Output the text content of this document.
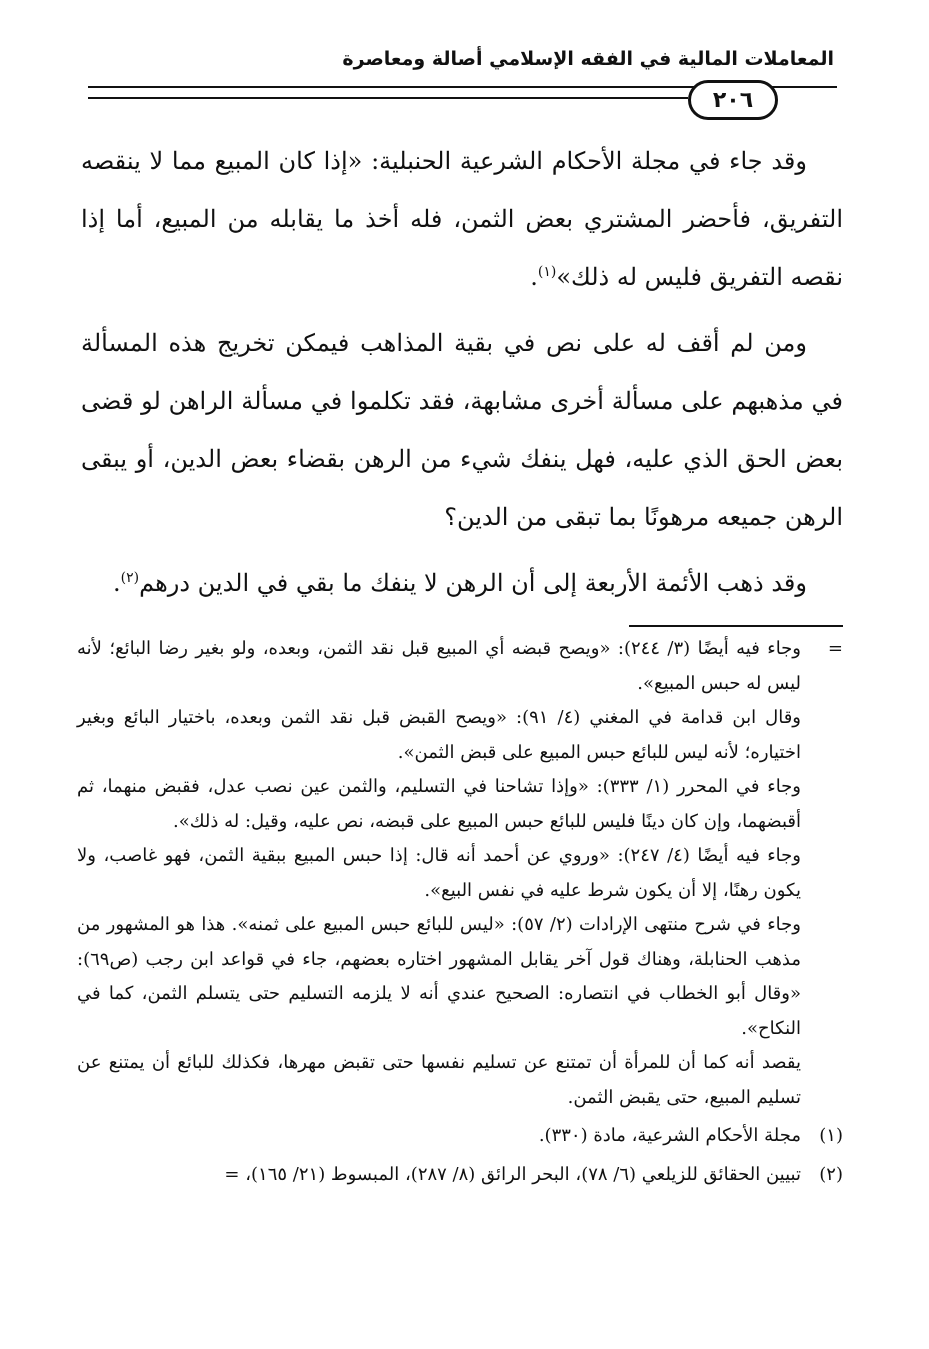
المعاملات المالية في الفقه الإسلامي أصالة ومعاصرة
٢٠٦

وقد جاء في مجلة الأحكام الشرعية الحنبلية: «إذا كان المبيع مما لا ينقصه التفريق، فأحضر المشتري بعض الثمن، فله أخذ ما يقابله من المبيع، أما إذا نقصه التفريق فليس له ذلك»$^{(١)}$.

ومن لم أقف له على نص في بقية المذاهب فيمكن تخريج هذه المسألة في مذهبهم على مسألة أخرى مشابهة، فقد تكلموا في مسألة الراهن لو قضى بعض الحق الذي عليه، فهل ينفك شيء من الرهن بقضاء بعض الدين، أو يبقى الرهن جميعه مرهونًا بما تبقى من الدين؟

وقد ذهب الأئمة الأربعة إلى أن الرهن لا ينفك ما بقي في الدين درهم$^{(٢)}$.

=

وجاء فيه أيضًا (٣/ ٢٤٤): «ويصح قبضه أي المبيع قبل نقد الثمن، وبعده، ولو بغير رضا البائع؛ لأنه ليس له حبس المبيع».

وقال ابن قدامة في المغني (٤/ ٩١): «ويصح القبض قبل نقد الثمن وبعده، باختيار البائع وبغير اختياره؛ لأنه ليس للبائع حبس المبيع على قبض الثمن».

وجاء في المحرر (١/ ٣٣٣): «وإذا تشاحنا في التسليم، والثمن عين نصب عدل، فقبض منهما، ثم أقبضهما، وإن كان دينًا فليس للبائع حبس المبيع على قبضه، نص عليه، وقيل: له ذلك».

وجاء فيه أيضًا (٤/ ٢٤٧): «وروي عن أحمد أنه قال: إذا حبس المبيع ببقية الثمن، فهو غاصب، ولا يكون رهنًا، إلا أن يكون شرط عليه في نفس البيع».

وجاء في شرح منتهى الإرادات (٢/ ٥٧): «ليس للبائع حبس المبيع على ثمنه». هذا هو المشهور من مذهب الحنابلة، وهناك قول آخر يقابل المشهور اختاره بعضهم، جاء في قواعد ابن رجب (ص٦٩): «وقال أبو الخطاب في انتصاره: الصحيح عندي أنه لا يلزمه التسليم حتى يتسلم الثمن، كما في النكاح».

يقصد أنه كما أن للمرأة أن تمتنع عن تسليم نفسها حتى تقبض مهرها، فكذلك للبائع أن يمتنع عن تسليم المبيع، حتى يقبض الثمن.

(١)

مجلة الأحكام الشرعية، مادة (٣٣٠).

(٢)

تبيين الحقائق للزيلعي (٦/ ٧٨)، البحر الرائق (٨/ ٢٨٧)، المبسوط (٢١/ ١٦٥)، =
